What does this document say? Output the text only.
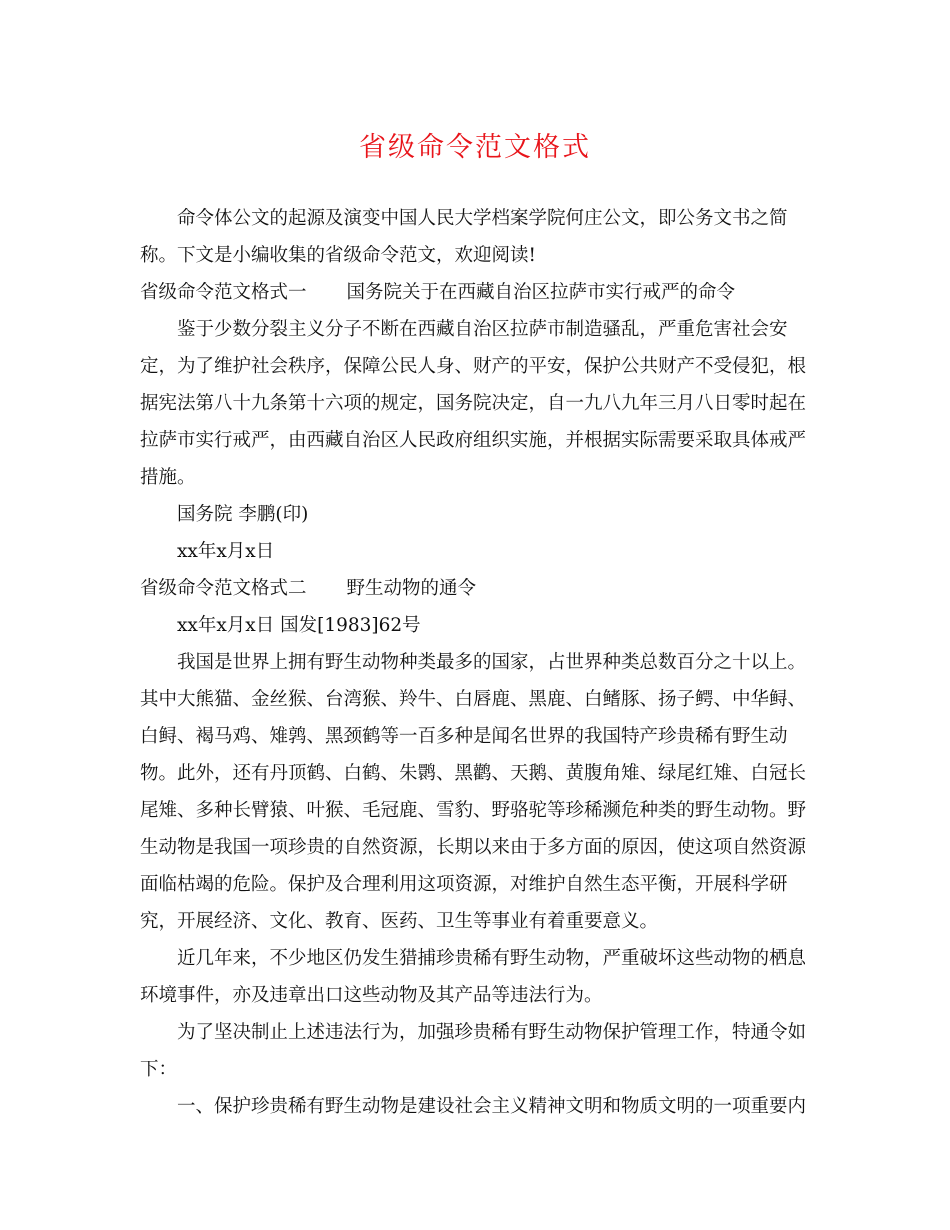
省级命令范文格式

命令体公文的起源及演变中国人民大学档案学院何庄公文，即公务文书之简称。下文是小编收集的省级命令范文，欢迎阅读!

省级命令范文格式一 国务院关于在西藏自治区拉萨市实行戒严的命令

鉴于少数分裂主义分子不断在西藏自治区拉萨市制造骚乱，严重危害社会安定，为了维护社会秩序，保障公民人身、财产的平安，保护公共财产不受侵犯，根据宪法第八十九条第十六项的规定，国务院决定，自一九八九年三月八日零时起在拉萨市实行戒严，由西藏自治区人民政府组织实施，并根据实际需要采取具体戒严措施。

国务院 李鹏(印)

xx年x月x日

省级命令范文格式二 野生动物的通令

xx年x月x日 国发[1983]62号

我国是世界上拥有野生动物种类最多的国家，占世界种类总数百分之十以上。其中大熊猫、金丝猴、台湾猴、羚牛、白唇鹿、黑鹿、白鳍豚、扬子鳄、中华鲟、白鲟、褐马鸡、雉鹑、黑颈鹤等一百多种是闻名世界的我国特产珍贵稀有野生动物。此外，还有丹顶鹤、白鹤、朱鹮、黑鹳、天鹅、黄腹角雉、绿尾红雉、白冠长尾雉、多种长臂猿、叶猴、毛冠鹿、雪豹、野骆驼等珍稀濒危种类的野生动物。野生动物是我国一项珍贵的自然资源，长期以来由于多方面的原因，使这项自然资源面临枯竭的危险。保护及合理利用这项资源，对维护自然生态平衡，开展科学研究，开展经济、文化、教育、医药、卫生等事业有着重要意义。

近几年来，不少地区仍发生猎捕珍贵稀有野生动物，严重破坏这些动物的栖息环境事件，亦及违章出口这些动物及其产品等违法行为。

为了坚决制止上述违法行为，加强珍贵稀有野生动物保护管理工作，特通令如下：

一、保护珍贵稀有野生动物是建设社会主义精神文明和物质文明的一项重要内
